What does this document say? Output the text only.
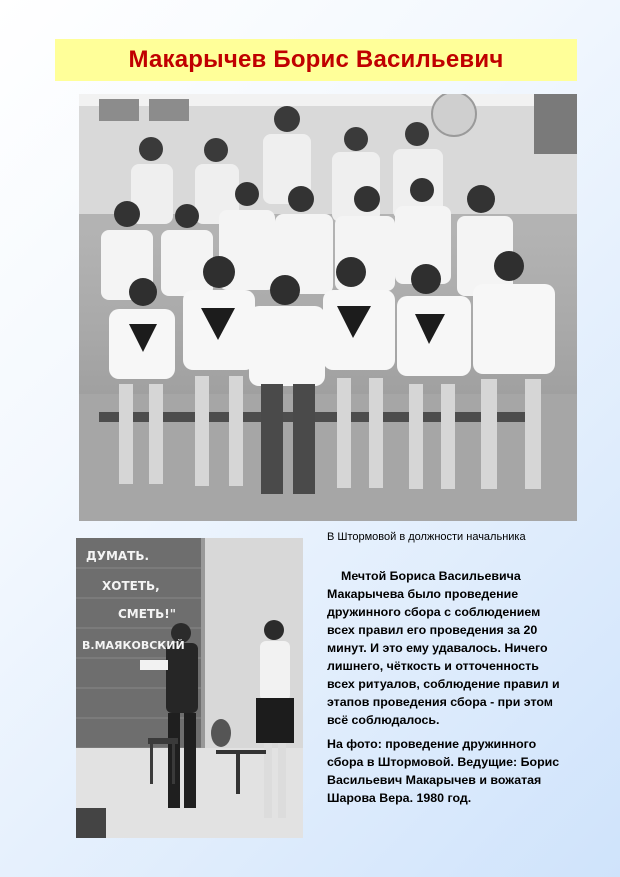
Макарычев Борис Васильевич
В Штормовой в должности начальника
ДУМАТЬ.
ХОТЕТЬ,
СМЕТЬ!"
В.МАЯКОВСКИЙ

Мечтой Бориса Васильевича Макарычева было проведение дружинного сбора с соблюдением всех правил его проведения за 20 минут. И это ему удавалось. Ничего лишнего, чёткость и отточенность всех ритуалов, соблюдение правил и этапов проведения сбора - при этом всё соблюдалось.

На фото: проведение дружинного сбора в Штормовой. Ведущие: Борис Васильевич Макарычев и вожатая Шарова Вера. 1980 год.
